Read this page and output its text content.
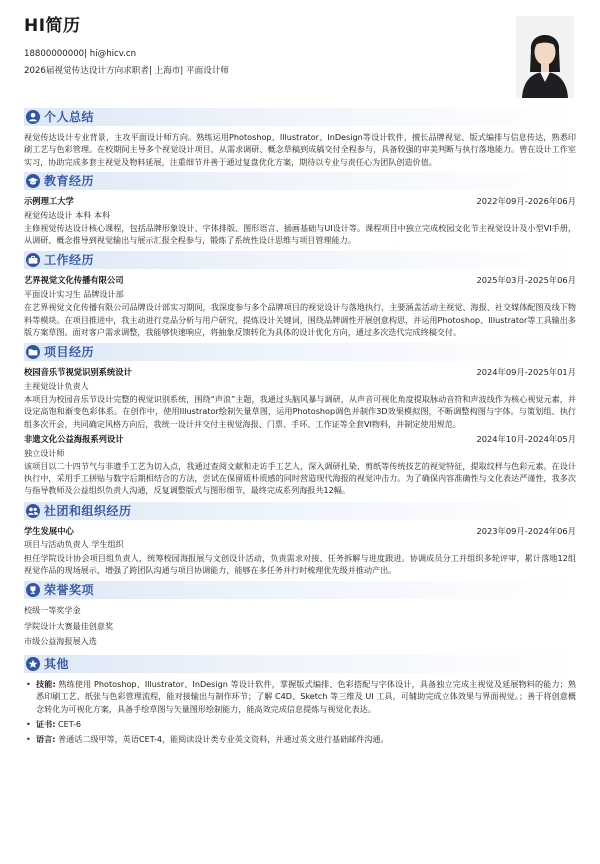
HI简历
18800000000| hi@hicv.cn
2026届视觉传达设计方向求职者| 上海市| 平面设计师
个人总结
视觉传达设计专业背景，主攻平面设计师方向。熟练运用Photoshop、Illustrator、InDesign等设计软件，擅长品牌视觉、版式编排与信息传达，熟悉印刷工艺与色彩管理。在校期间主导多个视觉设计项目，从需求调研、概念草稿到成稿交付全程参与，具备较强的审美判断与执行落地能力。曾在设计工作室实习，协助完成多套主视觉及物料延展，注重细节并善于通过复盘优化方案，期待以专业与责任心为团队创造价值。
教育经历
示例理工大学	2022年09月-2026年06月
视觉传达设计 本科 本科
主修视觉传达设计核心课程，包括品牌形象设计、字体排版、图形语言、插画基础与UI设计等。课程项目中独立完成校园文化节主视觉设计及小型VI手册，从调研、概念推导到视觉输出与展示汇报全程参与，锻炼了系统性设计思维与项目管理能力。
工作经历
艺界视觉文化传播有限公司	2025年03月-2025年06月
平面设计实习生 品牌设计部
在艺界视觉文化传播有限公司品牌设计部实习期间，我深度参与多个品牌项目的视觉设计与落地执行，主要涵盖活动主视觉、海报、社交媒体配图及线下物料等模块。在项目推进中，我主动进行竞品分析与用户研究，提炼设计关键词，围绕品牌调性开展创意构思，并运用Photoshop、Illustrator等工具输出多版方案草图。面对客户需求调整，我能够快速响应，将抽象反馈转化为具体的设计优化方向，通过多次迭代完成终稿交付。
项目经历
校园音乐节视觉识别系统设计	2024年09月-2025年01月
主视觉设计负责人
本项目为校园音乐节设计完整的视觉识别系统，围绕“声浪”主题，我通过头脑风暴与调研，从声音可视化角度提取脉动音符和声波线作为核心视觉元素，并设定高饱和渐变色彩体系。在创作中，使用Illustrator绘制矢量草图，运用Photoshop调色并制作3D效果模拟图，不断调整构图与字体。与策划组、执行组多次开会，共同确定风格方向后，我统一设计并交付主视觉海报、门票、手环、工作证等全套VI物料，并制定使用规范。
非遗文化公益海报系列设计	2024年10月-2024年05月
独立设计师
该项目以二十四节气与非遗手工艺为切入点，我通过查阅文献和走访手工艺人，深入调研扎染、剪纸等传统技艺的视觉特征，提取纹样与色彩元素。在设计执行中，采用手工拼贴与数字后期相结合的方法，尝试在保留质朴质感的同时营造现代海报的视觉冲击力。为了确保内容准确性与文化表达严谨性，我多次与指导教师及公益组织负责人沟通，反复调整版式与图形细节，最终完成系列海报共12幅。
社团和组织经历
学生发展中心	2023年09月-2024年06月
项目与活动负责人 学生组织
担任学院设计协会项目组负责人，统筹校园海报展与文创设计活动，负责需求对接、任务拆解与进度跟进。协调成员分工并组织多轮评审，累计落地12组视觉作品的现场展示，增强了跨团队沟通与项目协调能力，能够在多任务并行时梳理优先级并推动产出。
荣誉奖项
校级一等奖学金
学院设计大赛最佳创意奖
市级公益海报展入选
其他
• 技能: 熟练使用 Photoshop、Illustrator、InDesign 等设计软件，掌握版式编排、色彩搭配与字体设计，具备独立完成主视觉及延展物料的能力；熟悉印刷工艺、纸张与色彩管理流程，能对接输出与制作环节；了解 C4D、Sketch 等三维及 UI 工具，可辅助完成立体效果与界面视觉。；善于将创意概念转化为可视化方案，具备手绘草图与矢量图形绘制能力，能高效完成信息提炼与视觉化表达。
• 证书: CET-6
• 语言: 普通话二级甲等，英语CET-4，能阅读设计类专业英文资料，并通过英文进行基础邮件沟通。
